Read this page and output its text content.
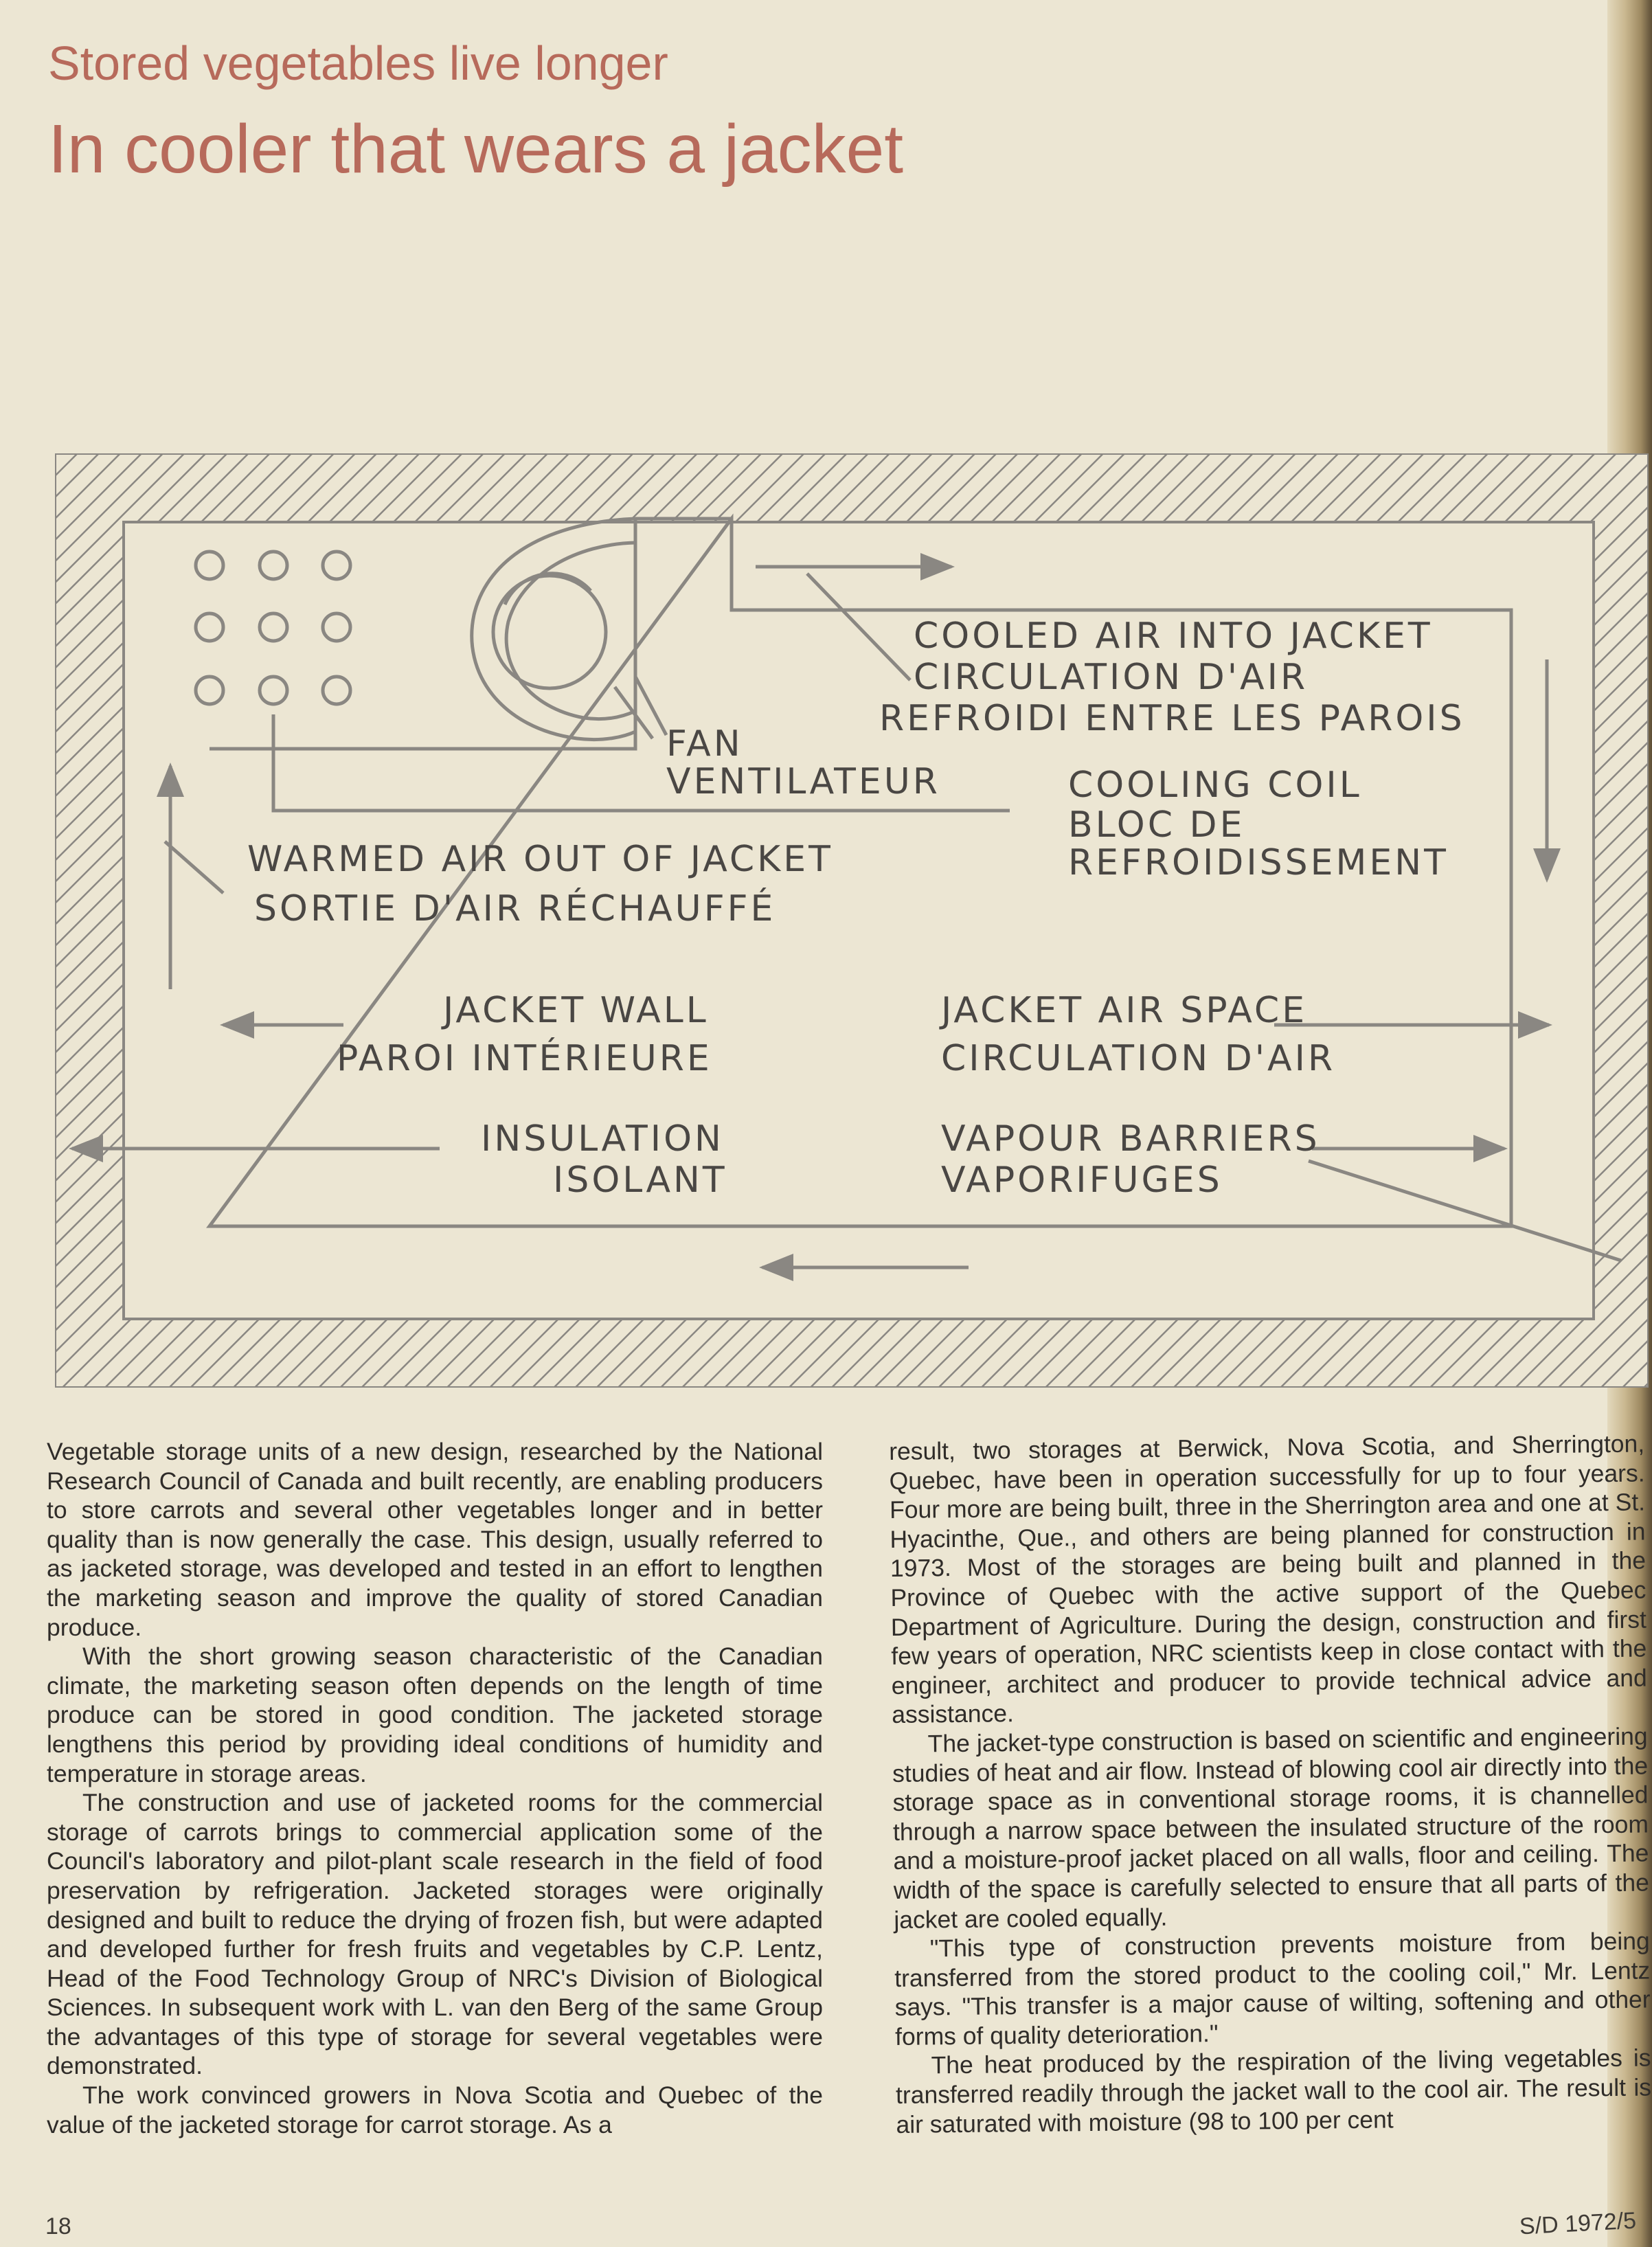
Stored vegetables live longer
In cooler that wears a jacket
COOLED AIR INTO JACKET
CIRCULATION D'AIR
REFROIDI ENTRE LES PAROIS
FAN
VENTILATEUR	COOLING COIL
BLOC DE
REFROIDISSEMENT
WARMED AIR OUT OF JACKET
SORTIE D'AIR RÉCHAUFFÉ
JACKET WALL
PAROI INTÉRIEURE
JACKET AIR SPACE
CIRCULATION D'AIR
INSULATION
ISOLANT
VAPOUR BARRIERS
VAPORIFUGES

Vegetable storage units of a new design, researched by the National Research Council of Canada and built recently, are enabling producers to store carrots and several other vegetables longer and in better quality than is now generally the case. This design, usually referred to as jacketed storage, was developed and tested in an effort to lengthen the marketing season and improve the quality of stored Canadian produce.

With the short growing season characteristic of the Canadian climate, the marketing season often depends on the length of time produce can be stored in good condition. The jacketed storage lengthens this period by providing ideal conditions of humidity and temperature in storage areas.

The construction and use of jacketed rooms for the commercial storage of carrots brings to commercial application some of the Council's laboratory and pilot-plant scale research in the field of food preservation by refrigeration. Jacketed storages were originally designed and built to reduce the drying of frozen fish, but were adapted and developed further for fresh fruits and vegetables by C.P. Lentz, Head of the Food Technology Group of NRC's Division of Biological Sciences. In subsequent work with L. van den Berg of the same Group the advantages of this type of storage for several vegetables were demonstrated.

The work convinced growers in Nova Scotia and Quebec of the value of the jacketed storage for carrot storage. As a

result, two storages at Berwick, Nova Scotia, and Sherrington, Quebec, have been in operation successfully for up to four years. Four more are being built, three in the Sherrington area and one at St. Hyacinthe, Que., and others are being planned for construction in 1973. Most of the storages are being built and planned in the Province of Quebec with the active support of the Quebec Department of Agriculture. During the design, construction and first few years of operation, NRC scientists keep in close contact with the engineer, architect and producer to provide technical advice and assistance.

The jacket-type construction is based on scientific and engineering studies of heat and air flow. Instead of blowing cool air directly into the storage space as in conventional storage rooms, it is channelled through a narrow space between the insulated structure of the room and a moisture-proof jacket placed on all walls, floor and ceiling. The width of the space is carefully selected to ensure that all parts of the jacket are cooled equally.

"This type of construction prevents moisture from being transferred from the stored product to the cooling coil," Mr. Lentz says. "This transfer is a major cause of wilting, softening and other forms of quality deterioration."

The heat produced by the respiration of the living vegetables is transferred readily through the jacket wall to the cool air. The result is air saturated with moisture (98 to 100 per cent

18	S/D 1972/5
